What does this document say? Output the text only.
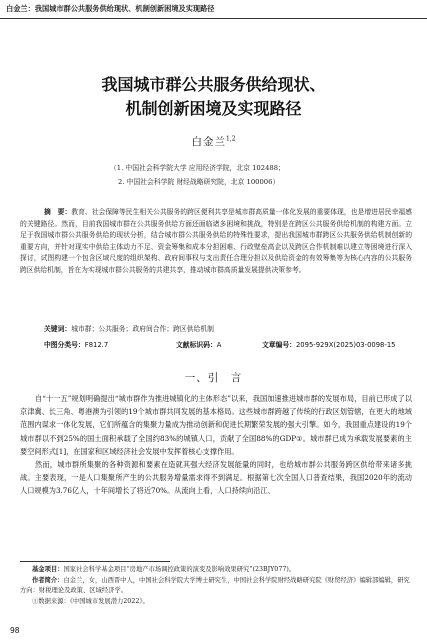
白金兰：我国城市群公共服务供给现状、机制创新困境及实现路径
我国城市群公共服务供给现状、
机制创新困境及实现路径
白金兰$^{1,2}$
（1. 中国社会科学院大学 应用经济学院，北京 102488；
2. 中国社会科学院 财经战略研究院，北京 100006）

摘　要：教育、社会保障等民生相关公共服务的跨区便利共享是城市群高质量一体化发展的重要体现，也是增进居民幸福感的关键路径。然而，目前我国城市群在公共服务供给方面还面临诸多困境和挑战，特别是在跨区公共服务供给机制的构建方面。立足于我国城市群公共服务供给的现状分析，结合城市群公共服务供给的特殊性要求，提出我国城市群跨区公共服务供给机制创新的重要方向，并针对现实中供给主体动力不足、资金筹集和成本分担困难、行政壁垒高企以及跨区合作机制难以建立等困境进行深入探讨，试图构建一个包含区域尺度的组织架构、政府间事权与支出责任合理分担以及供给资金的有效筹集等为核心内容的公共服务跨区供给机制，旨在为实现城市群公共服务的共建共享，推动城市群高质量发展提供决策参考。

关键词：城市群；公共服务；政府间合作；跨区供给机制
中图分类号：F812.7	文献标识码：A	文章编号：2095-929X(2025)03-0098-15
一、引　言

自“十一五”规划明确提出“城市群作为推进城镇化的主体形态”以来，我国加速推进城市群的发展布局，目前已形成了以京津冀、长三角、粤港澳为引领的19个城市群共同发展的基本格局。这些城市群跨越了传统的行政区划管辖，在更大的地域范围内谋求一体化发展，它们所蕴含的集聚力量成为推动创新和促进长期繁荣发展的强大引擎。如今，我国重点建设的19个城市群以不到25%的国土面积承载了全国约83%的城镇人口，贡献了全国88%的GDP①。城市群已成为承载发展要素的主要空间形式[1]，在国家和区域经济社会发展中发挥着核心支撑作用。

然而，城市群所集聚的各种资源和要素在造就其强大经济发展能量的同时，也给城市群公共服务跨区供给带来诸多挑战。主要表现，一是人口集聚所产生的公共服务增量需求得不到满足。根据第七次全国人口普查结果，我国2020年的流动人口规模为3.76亿人，十年间增长了将近70%。从流向上看，人口持续向沿江、

基金项目：国家社会科学基金项目“房地产市场调控政策的演变及影响效果研究”(23BJY077)。

作者简介：白金兰，女，山西晋中人，中国社会科学院大学博士研究生，中国社会科学院财经战略研究院《财贸经济》编辑部编辑，研究方向：财税理论及政策、区域经济学。

①数据来源：《中国城市发展潜力2022》。

98
